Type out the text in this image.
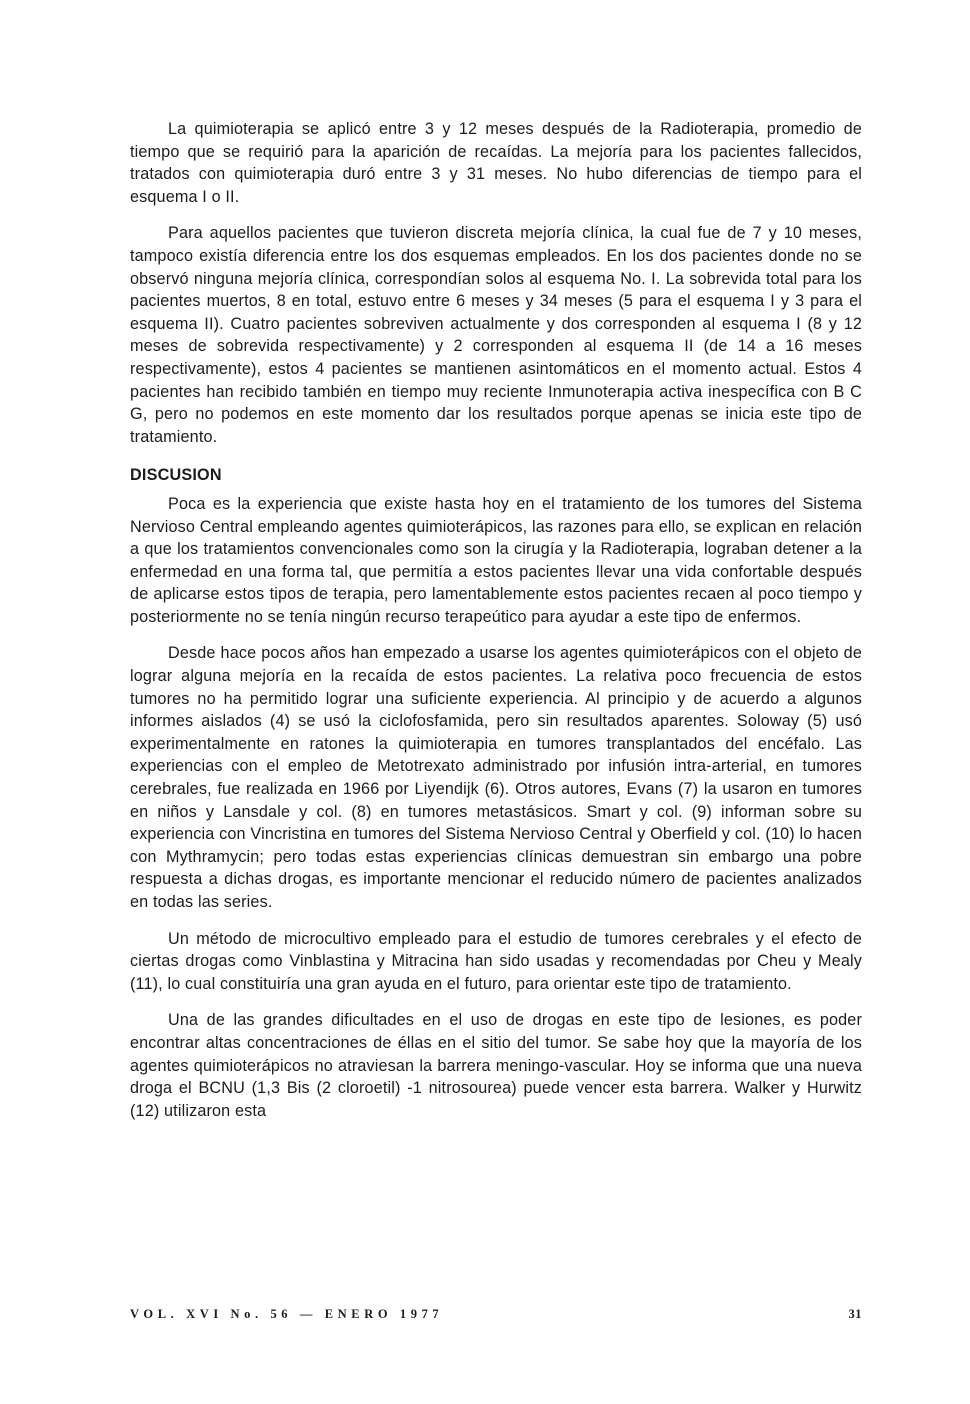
La quimioterapia se aplicó entre 3 y 12 meses después de la Radioterapia, promedio de tiempo que se requirió para la aparición de recaídas. La mejoría para los pacientes fallecidos, tratados con quimioterapia duró entre 3 y 31 meses. No hubo diferencias de tiempo para el esquema I o II.

Para aquellos pacientes que tuvieron discreta mejoría clínica, la cual fue de 7 y 10 meses, tampoco existía diferencia entre los dos esquemas empleados. En los dos pacientes donde no se observó ninguna mejoría clínica, correspondían solos al esquema No. I. La sobrevida total para los pacientes muertos, 8 en total, estuvo entre 6 meses y 34 meses (5 para el esquema I y 3 para el esquema II). Cuatro pacientes sobreviven actualmente y dos corresponden al esquema I (8 y 12 meses de sobrevida respectivamente) y 2 corresponden al esquema II (de 14 a 16 meses respectivamente), estos 4 pacientes se mantienen asintomáticos en el momento actual. Estos 4 pacientes han recibido también en tiempo muy reciente Inmunoterapia activa inespecífica con B C G, pero no podemos en este momento dar los resultados porque apenas se inicia este tipo de tratamiento.

DISCUSION

Poca es la experiencia que existe hasta hoy en el tratamiento de los tumores del Sistema Nervioso Central empleando agentes quimioterápicos, las razones para ello, se explican en relación a que los tratamientos convencionales como son la cirugía y la Radioterapia, lograban detener a la enfermedad en una forma tal, que permitía a estos pacientes llevar una vida confortable después de aplicarse estos tipos de terapia, pero lamentablemente estos pacientes recaen al poco tiempo y posteriormente no se tenía ningún recurso terapeútico para ayudar a este tipo de enfermos.

Desde hace pocos años han empezado a usarse los agentes quimioterápicos con el objeto de lograr alguna mejoría en la recaída de estos pacientes. La relativa poco frecuencia de estos tumores no ha permitido lograr una suficiente experiencia. Al principio y de acuerdo a algunos informes aislados (4) se usó la ciclofosfamida, pero sin resultados aparentes. Soloway (5) usó experimentalmente en ratones la quimioterapia en tumores transplantados del encéfalo. Las experiencias con el empleo de Metotrexato administrado por infusión intra-arterial, en tumores cerebrales, fue realizada en 1966 por Liyendijk (6). Otros autores, Evans (7) la usaron en tumores en niños y Lansdale y col. (8) en tumores metastásicos. Smart y col. (9) informan sobre su experiencia con Vincristina en tumores del Sistema Nervioso Central y Oberfield y col. (10) lo hacen con Mythramycin; pero todas estas experiencias clínicas demuestran sin embargo una pobre respuesta a dichas drogas, es importante mencionar el reducido número de pacientes analizados en todas las series.

Un método de microcultivo empleado para el estudio de tumores cerebrales y el efecto de ciertas drogas como Vinblastina y Mitracina han sido usadas y recomendadas por Cheu y Mealy (11), lo cual constituiría una gran ayuda en el futuro, para orientar este tipo de tratamiento.

Una de las grandes dificultades en el uso de drogas en este tipo de lesiones, es poder encontrar altas concentraciones de éllas en el sitio del tumor. Se sabe hoy que la mayoría de los agentes quimioterápicos no atraviesan la barrera meningo-vascular. Hoy se informa que una nueva droga el BCNU (1,3 Bis (2 cloroetil) -1 nitrosourea) puede vencer esta barrera. Walker y Hurwitz (12) utilizaron esta

VOL. XVI No. 56 — ENERO 1977	31
